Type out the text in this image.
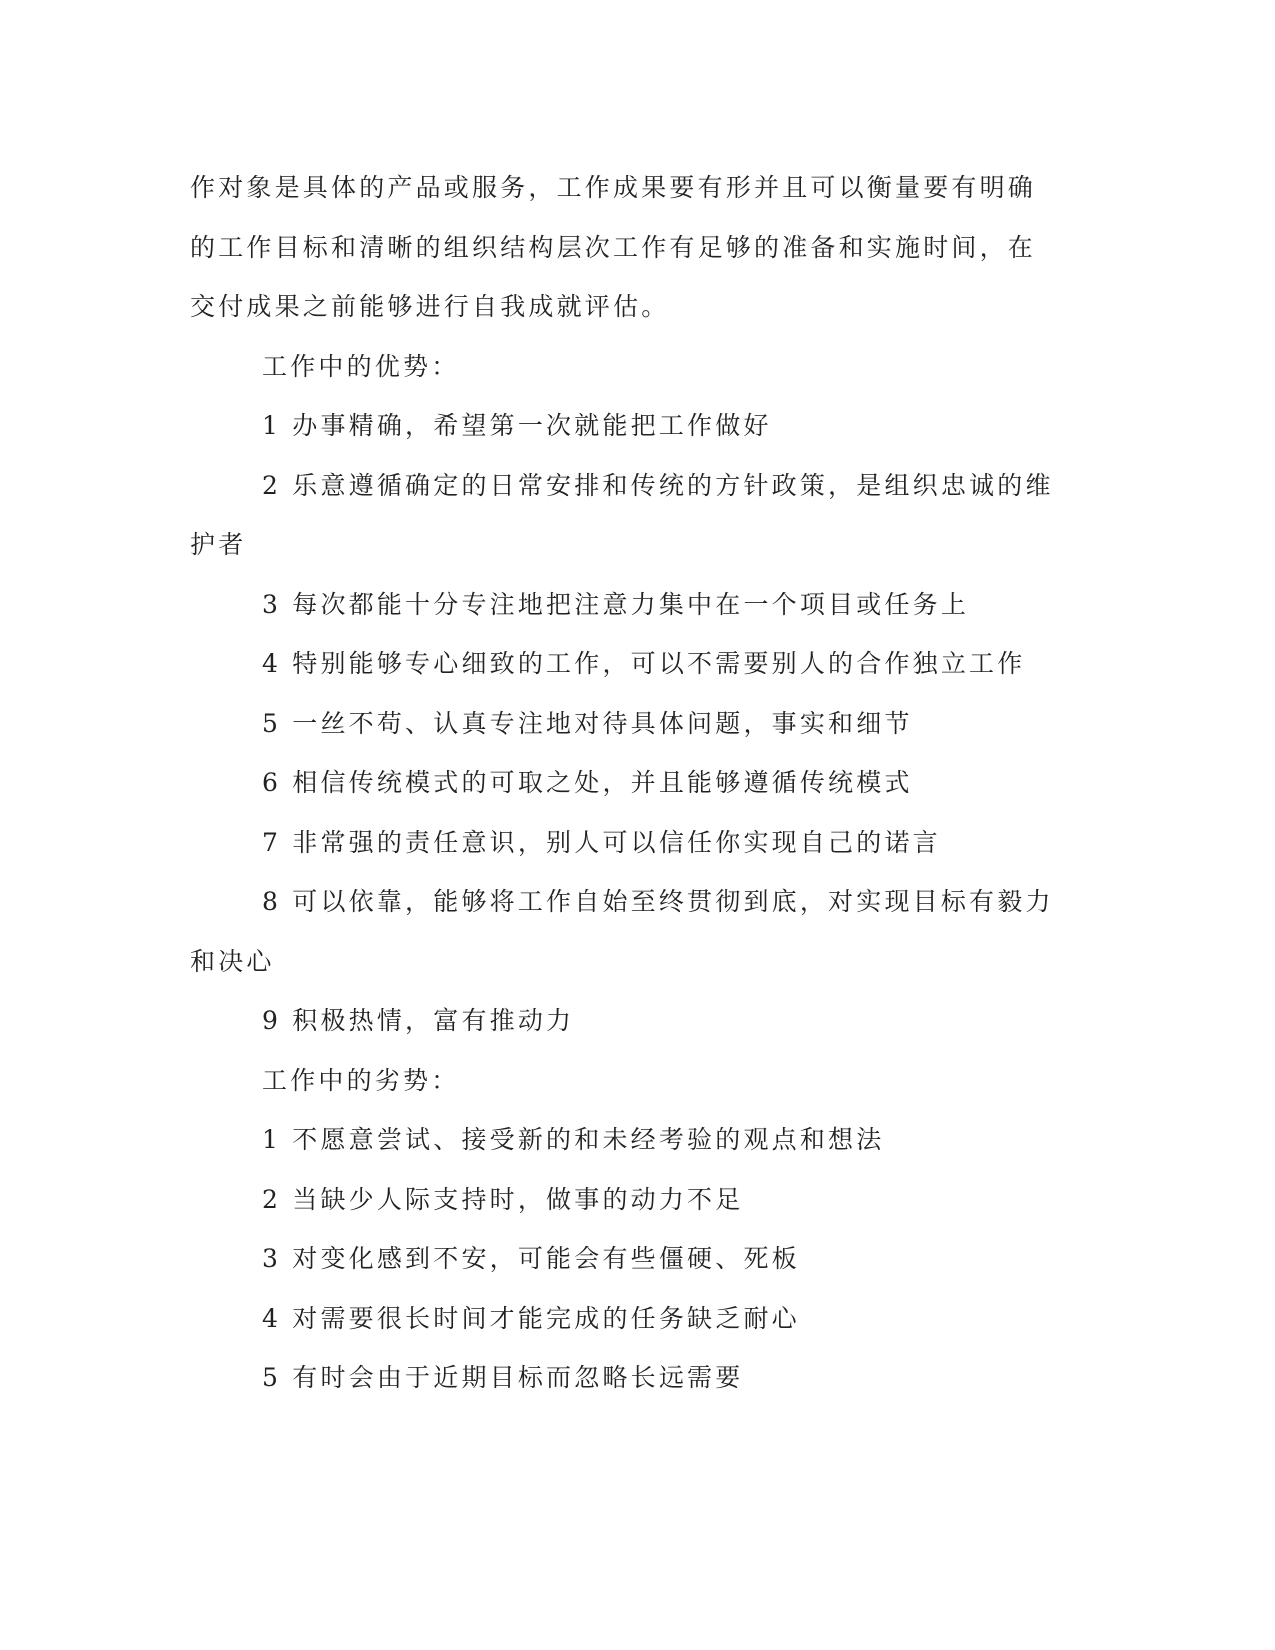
作对象是具体的产品或服务，工作成果要有形并且可以衡量要有明确

的工作目标和清晰的组织结构层次工作有足够的准备和实施时间，在

交付成果之前能够进行自我成就评估。

工作中的优势：

1 办事精确，希望第一次就能把工作做好

2 乐意遵循确定的日常安排和传统的方针政策，是组织忠诚的维

护者

3 每次都能十分专注地把注意力集中在一个项目或任务上

4 特别能够专心细致的工作，可以不需要别人的合作独立工作

5 一丝不苟、认真专注地对待具体问题，事实和细节

6 相信传统模式的可取之处，并且能够遵循传统模式

7 非常强的责任意识，别人可以信任你实现自己的诺言

8 可以依靠，能够将工作自始至终贯彻到底，对实现目标有毅力

和决心

9 积极热情，富有推动力

工作中的劣势：

1 不愿意尝试、接受新的和未经考验的观点和想法

2 当缺少人际支持时，做事的动力不足

3 对变化感到不安，可能会有些僵硬、死板

4 对需要很长时间才能完成的任务缺乏耐心

5 有时会由于近期目标而忽略长远需要
